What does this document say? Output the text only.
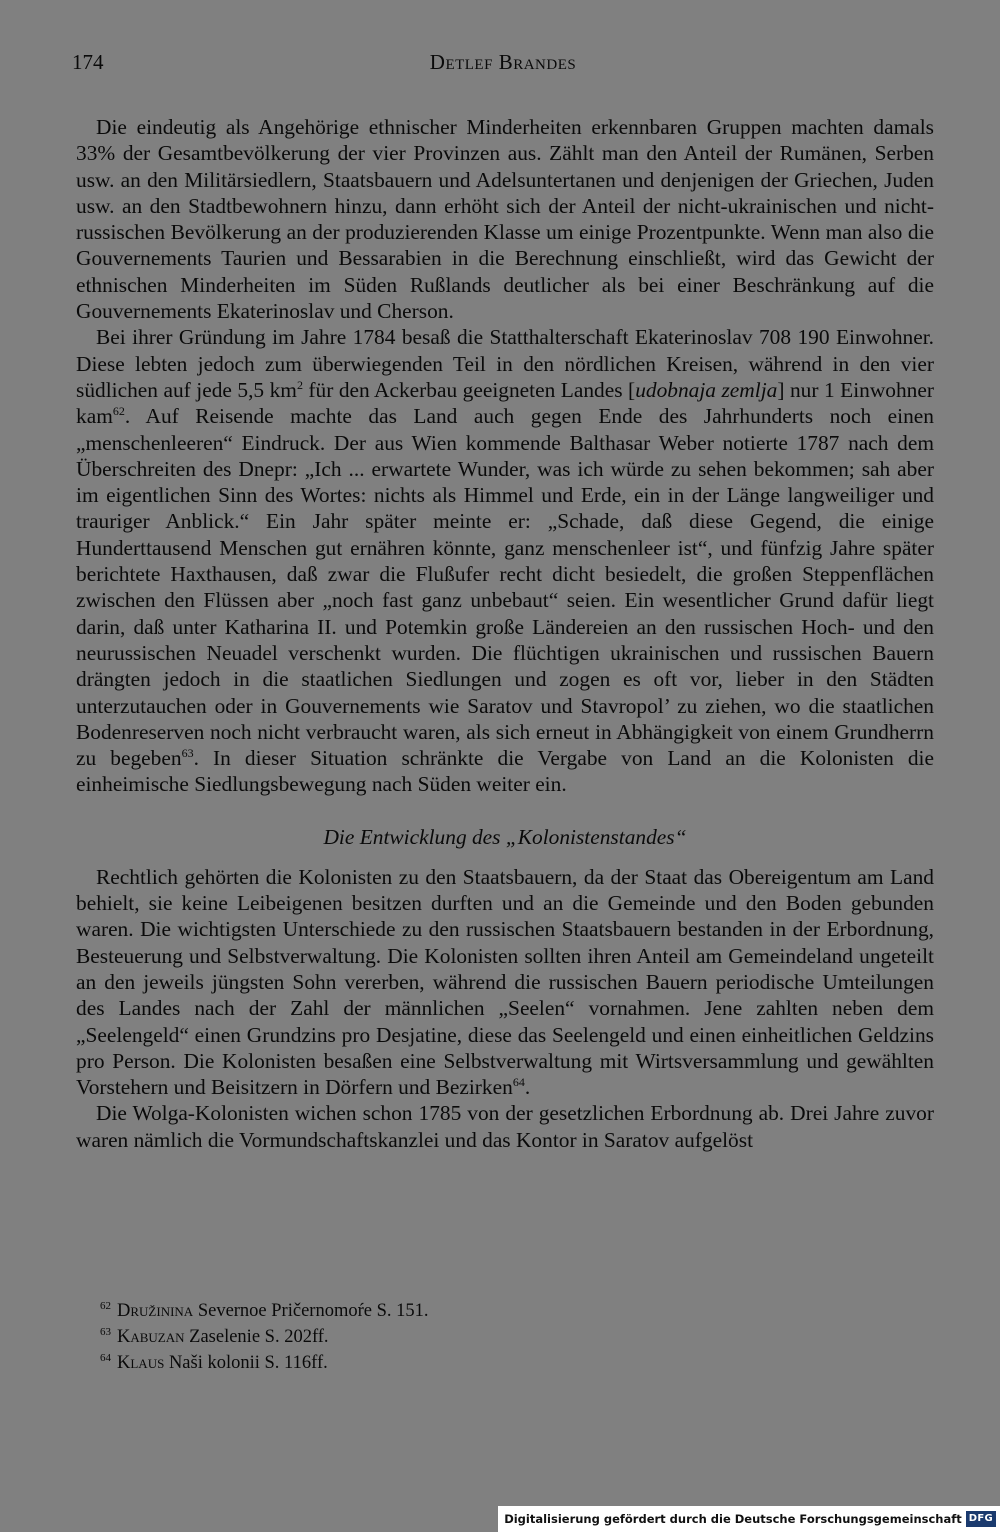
174	Detlef Brandes

Die eindeutig als Angehörige ethnischer Minderheiten erkennbaren Gruppen machten damals 33% der Gesamtbevölkerung der vier Provinzen aus. Zählt man den Anteil der Rumänen, Serben usw. an den Militärsiedlern, Staatsbauern und Adelsuntertanen und denjenigen der Griechen, Juden usw. an den Stadtbewohnern hinzu, dann erhöht sich der Anteil der nicht-ukrainischen und nicht-russischen Bevölkerung an der produzierenden Klasse um einige Prozentpunkte. Wenn man also die Gouvernements Taurien und Bessarabien in die Berechnung einschließt, wird das Gewicht der ethnischen Minderheiten im Süden Rußlands deutlicher als bei einer Beschränkung auf die Gouvernements Ekaterinoslav und Cherson.

Bei ihrer Gründung im Jahre 1784 besaß die Statthalterschaft Ekaterinoslav 708 190 Einwohner. Diese lebten jedoch zum überwiegenden Teil in den nördlichen Kreisen, während in den vier südlichen auf jede 5,5 $km^2$ für den Ackerbau geeigneten Landes [udobnaja zemlja] nur 1 Einwohner kam$^{62}$. Auf Reisende machte das Land auch gegen Ende des Jahrhunderts noch einen „menschenleeren“ Eindruck. Der aus Wien kommende Balthasar Weber notierte 1787 nach dem Überschreiten des Dnepr: „Ich ... erwartete Wunder, was ich würde zu sehen bekommen; sah aber im eigentlichen Sinn des Wortes: nichts als Himmel und Erde, ein in der Länge langweiliger und trauriger Anblick.“ Ein Jahr später meinte er: „Schade, daß diese Gegend, die einige Hunderttausend Menschen gut ernähren könnte, ganz menschenleer ist“, und fünfzig Jahre später berichtete Haxthausen, daß zwar die Flußufer recht dicht besiedelt, die großen Steppenflächen zwischen den Flüssen aber „noch fast ganz unbebaut“ seien. Ein wesentlicher Grund dafür liegt darin, daß unter Katharina II. und Potemkin große Ländereien an den russischen Hoch- und den neurussischen Neuadel verschenkt wurden. Die flüchtigen ukrainischen und russischen Bauern drängten jedoch in die staatlichen Siedlungen und zogen es oft vor, lieber in den Städten unterzutauchen oder in Gouvernements wie Saratov und Stavropol’ zu ziehen, wo die staatlichen Bodenreserven noch nicht verbraucht waren, als sich erneut in Abhängigkeit von einem Grundherrn zu begeben$^{63}$. In dieser Situation schränkte die Vergabe von Land an die Kolonisten die einheimische Siedlungsbewegung nach Süden weiter ein.

Die Entwicklung des „Kolonistenstandes“

Rechtlich gehörten die Kolonisten zu den Staatsbauern, da der Staat das Obereigentum am Land behielt, sie keine Leibeigenen besitzen durften und an die Gemeinde und den Boden gebunden waren. Die wichtigsten Unterschiede zu den russischen Staatsbauern bestanden in der Erbordnung, Besteuerung und Selbstverwaltung. Die Kolonisten sollten ihren Anteil am Gemeindeland ungeteilt an den jeweils jüngsten Sohn vererben, während die russischen Bauern periodische Umteilungen des Landes nach der Zahl der männlichen „Seelen“ vornahmen. Jene zahlten neben dem „Seelengeld“ einen Grundzins pro Desjatine, diese das Seelengeld und einen einheitlichen Geldzins pro Person. Die Kolonisten besaßen eine Selbstverwaltung mit Wirtsversammlung und gewählten Vorstehern und Beisitzern in Dörfern und Bezirken$^{64}$.

Die Wolga-Kolonisten wichen schon 1785 von der gesetzlichen Erbordnung ab. Drei Jahre zuvor waren nämlich die Vormundschaftskanzlei und das Kontor in Saratov aufgelöst

$^{62}$ Družinina Severnoe Pričernomoŕe S. 151.

$^{63}$ Kabuzan Zaselenie S. 202ff.

$^{64}$ Klaus Naši kolonii S. 116ff.

Digitalisierung gefördert durch die Deutsche Forschungsgemeinschaft DFG
